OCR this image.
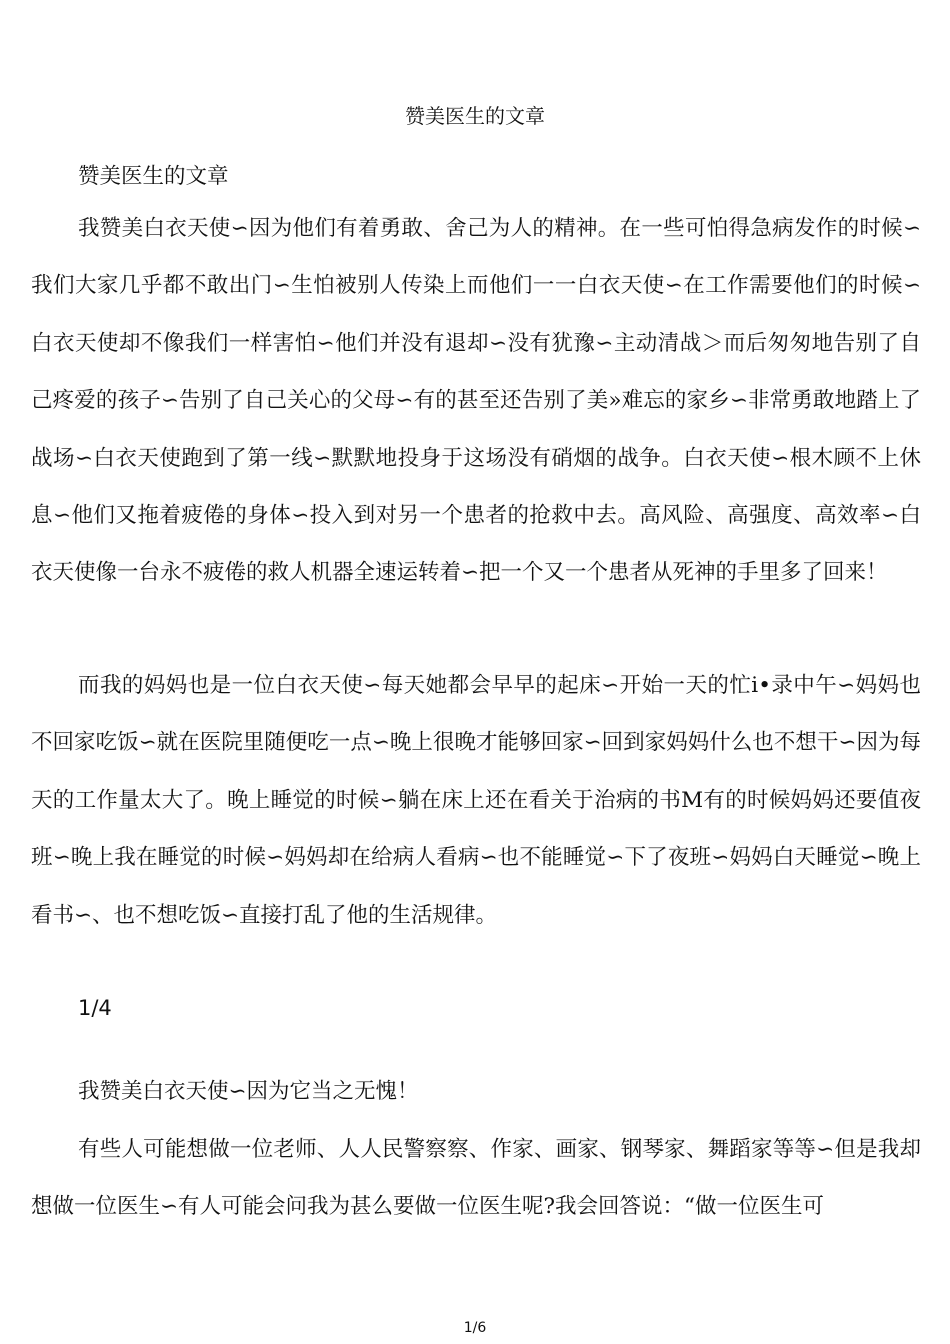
赞美医生的文章
赞美医生的文章

我赞美白衣天使∽因为他们有着勇敢、舍己为人的精神。在一些可怕得急病发作的时候∽我们大家几乎都不敢出门∽生怕被别人传染上而他们一一白衣天使∽在工作需要他们的时候∽白衣天使却不像我们一样害怕∽他们并没有退却∽没有犹豫∽主动清战＞而后匆匆地告别了自己疼爱的孩子∽告别了自己关心的父母∽有的甚至还告别了美»难忘的家乡∽非常勇敢地踏上了战场∽白衣天使跑到了第一线∽默默地投身于这场没有硝烟的战争。白衣天使∽根木顾不上休息∽他们又拖着疲倦的身体∽投入到对另一个患者的抢救中去。高风险、高强度、高效率∽白衣天使像一台永不疲倦的救人机器全速运转着∽把一个又一个患者从死神的手里多了回来！

而我的妈妈也是一位白衣天使∽每天她都会早早的起床∽开始一天的忙i•录中午∽妈妈也不回家吃饭∽就在医院里随便吃一点∽晚上很晚才能够回家∽回到家妈妈什么也不想干∽因为每天的工作量太大了。晚上睡觉的时候∽躺在床上还在看关于治病的书M有的时候妈妈还要值夜班∽晚上我在睡觉的时候∽妈妈却在给病人看病∽也不能睡觉∽下了夜班∽妈妈白天睡觉∽晚上看书∽、也不想吃饭∽直接打乱了他的生活规律。

1/4

我赞美白衣天使∽因为它当之无愧！

有些人可能想做一位老师、人人民警察察、作家、画家、钢琴家、舞蹈家等等∽但是我却想做一位医生∽有人可能会问我为甚么要做一位医生呢?我会回答说：“做一位医生可

1/6
